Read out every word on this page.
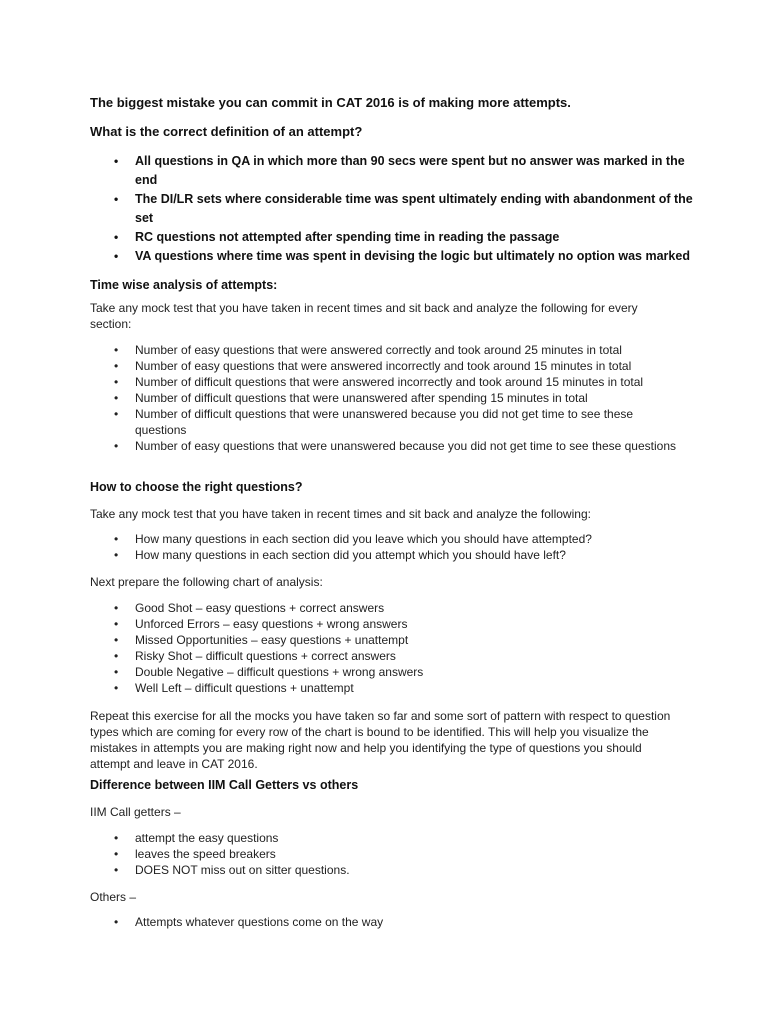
The biggest mistake you can commit in CAT 2016 is of making more attempts.

What is the correct definition of an attempt?

• All questions in QA in which more than 90 secs were spent but no answer was marked in the
end
• The DI/LR sets where considerable time was spent ultimately ending with abandonment of the
set
• RC questions not attempted after spending time in reading the passage
• VA questions where time was spent in devising the logic but ultimately no option was marked

Time wise analysis of attempts:

Take any mock test that you have taken in recent times and sit back and analyze the following for every
section:

• Number of easy questions that were answered correctly and took around 25 minutes in total
• Number of easy questions that were answered incorrectly and took around 15 minutes in total
• Number of difficult questions that were answered incorrectly and took around 15 minutes in total
• Number of difficult questions that were unanswered after spending 15 minutes in total
• Number of difficult questions that were unanswered because you did not get time to see these
questions
• Number of easy questions that were unanswered because you did not get time to see these questions

How to choose the right questions?

Take any mock test that you have taken in recent times and sit back and analyze the following:

• How many questions in each section did you leave which you should have attempted?
• How many questions in each section did you attempt which you should have left?

Next prepare the following chart of analysis:

• Good Shot – easy questions + correct answers
• Unforced Errors – easy questions + wrong answers
• Missed Opportunities – easy questions + unattempt
• Risky Shot – difficult questions + correct answers
• Double Negative – difficult questions + wrong answers
• Well Left – difficult questions + unattempt

Repeat this exercise for all the mocks you have taken so far and some sort of pattern with respect to question
types which are coming for every row of the chart is bound to be identified. This will help you visualize the
mistakes in attempts you are making right now and help you identifying the type of questions you should
attempt and leave in CAT 2016.

Difference between IIM Call Getters vs others

IIM Call getters –

• attempt the easy questions
• leaves the speed breakers
• DOES NOT miss out on sitter questions.

Others –

• Attempts whatever questions come on the way
